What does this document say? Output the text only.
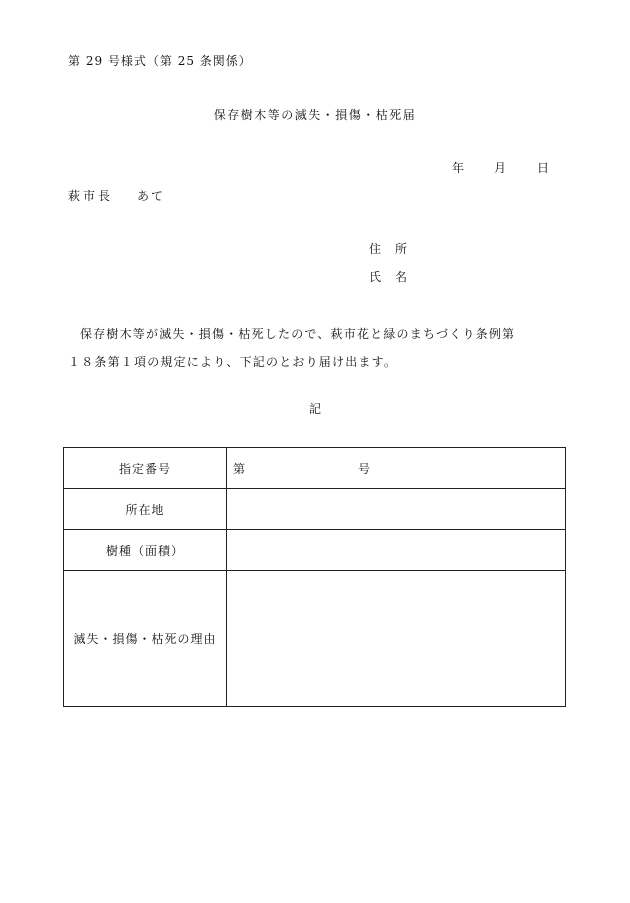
第 29 号様式（第 25 条関係）
保存樹木等の滅失・損傷・枯死届
年 月	日
萩市長 あて
住所
氏名
保存樹木等が滅失・損傷・枯死したので、萩市花と緑のまちづくり条例第
１８条第１項の規定により、下記のとおり届け出ます。
記
指定番号	第 号
所在地	
樹種（面積）	
滅失・損傷・枯死の理由	
